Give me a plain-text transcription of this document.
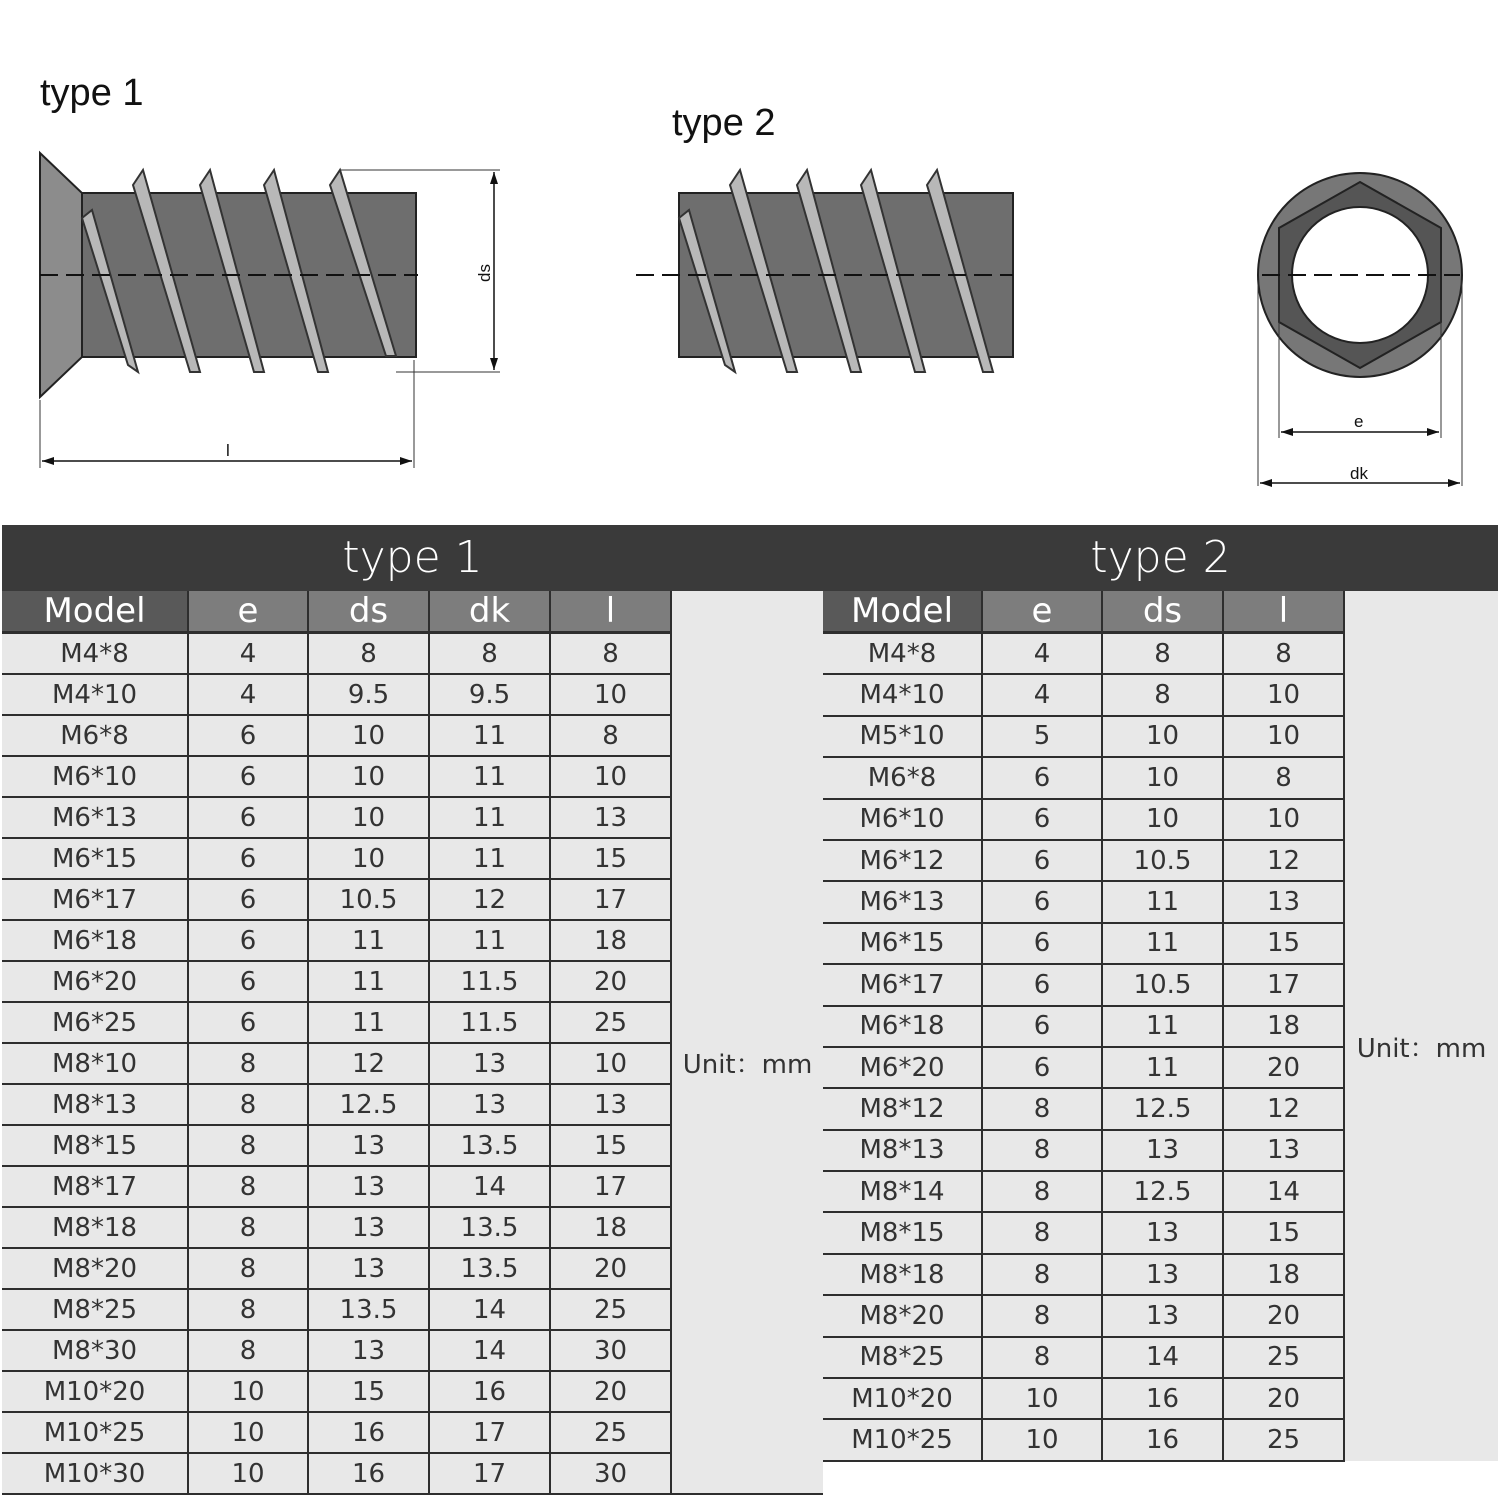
type 1
type 2
ds
l
e
dk
type 1
Model	e	ds	dk	l	
M4*8	4	8	8	8	Unit：mm
M4*10	4	9.5	9.5	10	
M6*8	6	10	11	8	
M6*10	6	10	11	10	
M6*13	6	10	11	13	
M6*15	6	10	11	15	
M6*17	6	10.5	12	17	
M6*18	6	11	11	18	
M6*20	6	11	11.5	20	
M6*25	6	11	11.5	25	
M8*10	8	12	13	10	
M8*13	8	12.5	13	13	
M8*15	8	13	13.5	15	
M8*17	8	13	14	17	
M8*18	8	13	13.5	18	
M8*20	8	13	13.5	20	
M8*25	8	13.5	14	25	
M8*30	8	13	14	30	
M10*20	10	15	16	20	
M10*25	10	16	17	25	
M10*30	10	16	17	30	
type 2
Model	e	ds	l	
M4*8	4	8	8	Unit：mm
M4*10	4	8	10	
M5*10	5	10	10	
M6*8	6	10	8	
M6*10	6	10	10	
M6*12	6	10.5	12	
M6*13	6	11	13	
M6*15	6	11	15	
M6*17	6	10.5	17	
M6*18	6	11	18	
M6*20	6	11	20	
M8*12	8	12.5	12	
M8*13	8	13	13	
M8*14	8	12.5	14	
M8*15	8	13	15	
M8*18	8	13	18	
M8*20	8	13	20	
M8*25	8	14	25	
M10*20	10	16	20	
M10*25	10	16	25	
